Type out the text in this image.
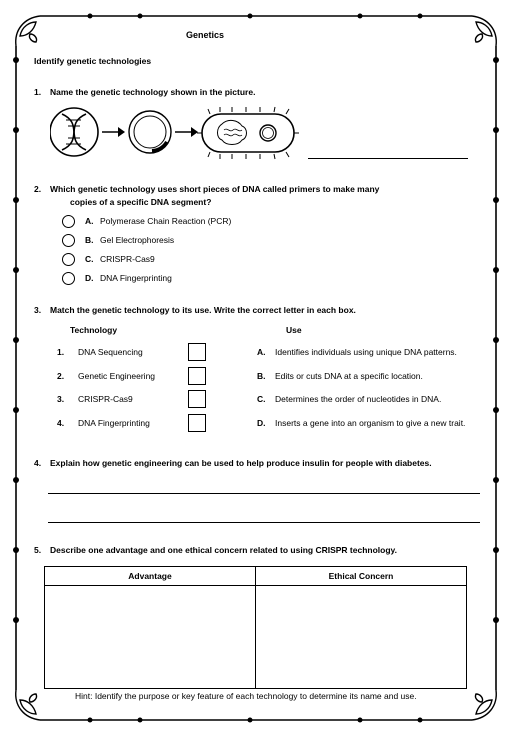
Genetics
Identify genetic technologies
1. Name the genetic technology shown in the picture.
2. Which genetic technology uses short pieces of DNA called primers to make many
copies of a specific DNA segment?
A. Polymerase Chain Reaction (PCR)
B. Gel Electrophoresis
C. CRISPR-Cas9
D. DNA Fingerprinting
3. Match the genetic technology to its use. Write the correct letter in each box.
Technology	Use
1. DNA Sequencing	A. Identifies individuals using unique DNA patterns.
2. Genetic Engineering	B. Edits or cuts DNA at a specific location.
3. CRISPR-Cas9	C. Determines the order of nucleotides in DNA.
4. DNA Fingerprinting	D. Inserts a gene into an organism to give a new trait.
4. Explain how genetic engineering can be used to help produce insulin for people with diabetes.
5. Describe one advantage and one ethical concern related to using CRISPR technology.
Advantage	Ethical Concern

Hint: Identify the purpose or key feature of each technology to determine its name and use.
